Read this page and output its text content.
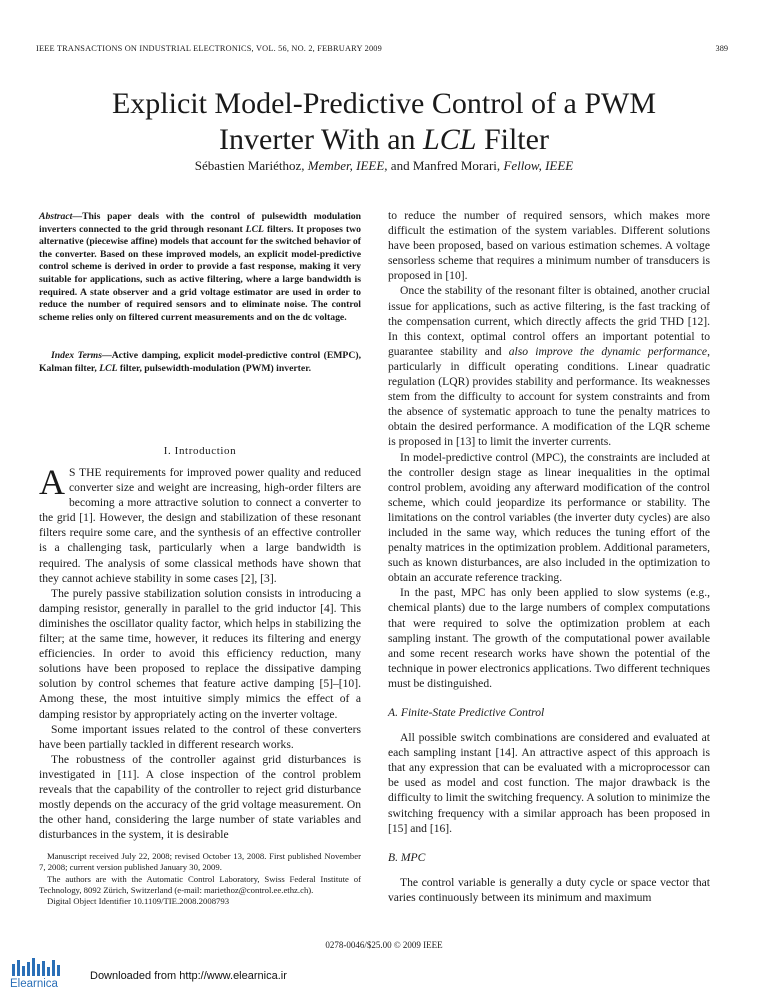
IEEE TRANSACTIONS ON INDUSTRIAL ELECTRONICS, VOL. 56, NO. 2, FEBRUARY 2009	389
Explicit Model-Predictive Control of a PWM
Inverter With an LCL Filter
Sébastien Mariéthoz, Member, IEEE, and Manfred Morari, Fellow, IEEE

Abstract—This paper deals with the control of pulsewidth modulation inverters connected to the grid through resonant LCL filters. It proposes two alternative (piecewise affine) models that account for the switched behavior of the converter. Based on these improved models, an explicit model-predictive control scheme is derived in order to provide a fast response, making it very suitable for applications, such as active filtering, where a large bandwidth is required. A state observer and a grid voltage estimator are used in order to reduce the number of required sensors and to eliminate noise. The control scheme relies only on filtered current measurements and on the dc voltage.

Index Terms—Active damping, explicit model-predictive control (EMPC), Kalman filter, LCL filter, pulsewidth-modulation (PWM) inverter.

I. Introduction

A S THE requirements for improved power quality and reduced converter size and weight are increasing, high-order filters are becoming a more attractive solution to connect a converter to the grid [1]. However, the design and stabilization of these resonant filters require some care, and the synthesis of an effective controller is a challenging task, particularly when a large bandwidth is required. The analysis of some classical methods have shown that they cannot achieve stability in some cases [2], [3].

The purely passive stabilization solution consists in introducing a damping resistor, generally in parallel to the grid inductor [4]. This diminishes the oscillator quality factor, which helps in stabilizing the filter; at the same time, however, it reduces its filtering and energy efficiencies. In order to avoid this efficiency reduction, many solutions have been proposed to replace the dissipative damping solution by control schemes that feature active damping [5]–[10]. Among these, the most intuitive simply mimics the effect of a damping resistor by appropriately acting on the inverter voltage.

Some important issues related to the control of these converters have been partially tackled in different research works.

The robustness of the controller against grid disturbances is investigated in [11]. A close inspection of the control problem reveals that the capability of the controller to reject grid disturbance mostly depends on the accuracy of the grid voltage measurement. On the other hand, considering the large number of state variables and disturbances in the system, it is desirable

to reduce the number of required sensors, which makes more difficult the estimation of the system variables. Different solutions have been proposed, based on various estimation schemes. A voltage sensorless scheme that requires a minimum number of transducers is proposed in [10].

Once the stability of the resonant filter is obtained, another crucial issue for applications, such as active filtering, is the fast tracking of the compensation current, which directly affects the grid THD [12]. In this context, optimal control offers an important potential to guarantee stability and also improve the dynamic performance, particularly in difficult operating conditions. Linear quadratic regulation (LQR) provides stability and performance. Its weaknesses stem from the difficulty to account for system constraints and from the absence of systematic approach to tune the penalty matrices to obtain the desired performance. A modification of the LQR scheme is proposed in [13] to limit the inverter currents.

In model-predictive control (MPC), the constraints are included at the controller design stage as linear inequalities in the optimal control problem, avoiding any afterward modification of the control scheme, which could jeopardize its performance or stability. The limitations on the control variables (the inverter duty cycles) are also included in the same way, which reduces the tuning effort of the penalty matrices in the optimization problem. Additional parameters, such as known disturbances, are also included in the optimization to obtain an accurate reference tracking.

In the past, MPC has only been applied to slow systems (e.g., chemical plants) due to the large numbers of complex computations that were required to solve the optimization problem at each sampling instant. The growth of the computational power available and some recent research works have shown the potential of the technique in power electronics applications. Two different techniques must be distinguished.

A. Finite-State Predictive Control

All possible switch combinations are considered and evaluated at each sampling instant [14]. An attractive aspect of this approach is that any expression that can be evaluated with a microprocessor can be used as model and cost function. The major drawback is the difficulty to limit the switching frequency. A solution to minimize the switching frequency with a similar approach has been proposed in [15] and [16].

B. MPC

The control variable is generally a duty cycle or space vector that varies continuously between its minimum and maximum

Manuscript received July 22, 2008; revised October 13, 2008. First published November 7, 2008; current version published January 30, 2009.

The authors are with the Automatic Control Laboratory, Swiss Federal Institute of Technology, 8092 Zürich, Switzerland (e-mail: mariethoz@control.ee.ethz.ch).

Digital Object Identifier 10.1109/TIE.2008.2008793

0278-0046/$25.00 © 2009 IEEE
Elearnica
Downloaded from http://www.elearnica.ir
